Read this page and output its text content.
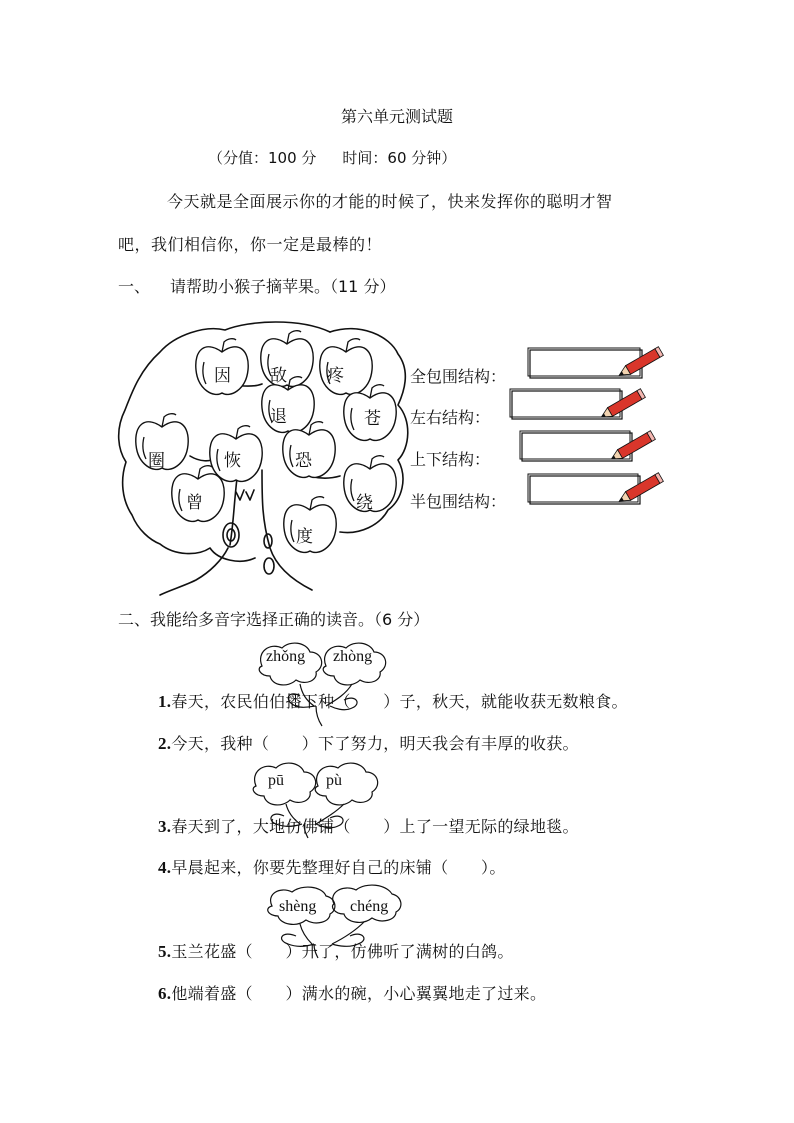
第六单元测试题
（分值：100 分 时间：60 分钟）
今天就是全面展示你的才能的时候了，快来发挥你的聪明才智
吧，我们相信你，你一定是最棒的！
一、 请帮助小猴子摘苹果。（11 分）
因 敌 疼
退	苍
圈	恢	恐
曾	绕
度
全包围结构：
左右结构：
上下结构：
半包围结构：
二、我能给多音字选择正确的读音。（6 分）
zhǒng zhòng
pū	pù
shèng chéng
1.春天，农民伯伯播下种（　　）子，秋天，就能收获无数粮食。
2.今天，我种（　　）下了努力，明天我会有丰厚的收获。
3.春天到了，大地仿佛铺（　　）上了一望无际的绿地毯。
4.早晨起来，你要先整理好自己的床铺（　　）。
5.玉兰花盛（　　）开了，仿佛听了满树的白鸽。
6.他端着盛（　　）满水的碗，小心翼翼地走了过来。
